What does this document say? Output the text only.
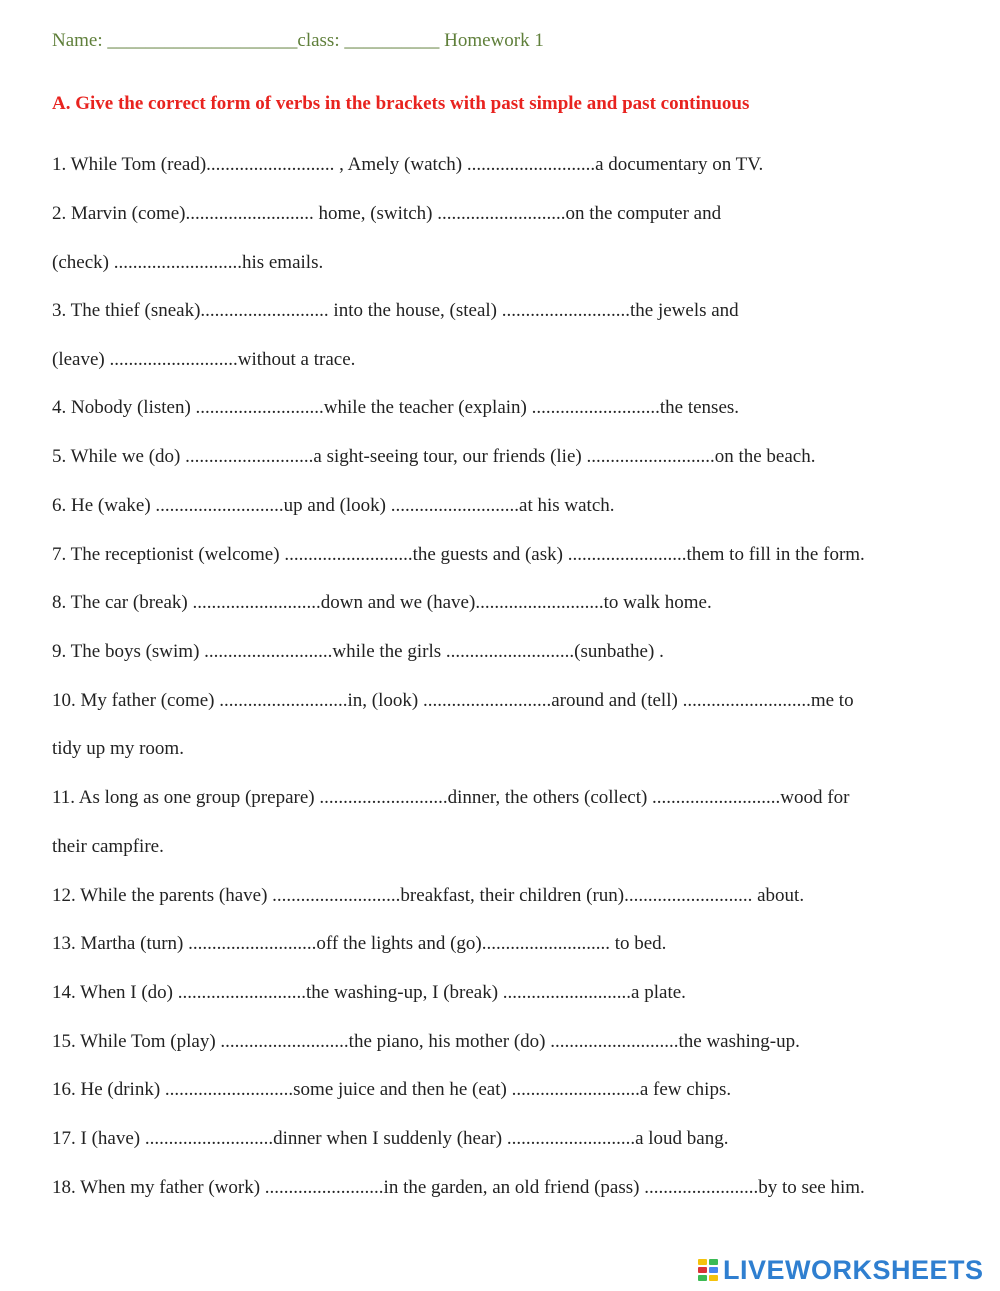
Name: ____________________class: __________ Homework 1
A. Give the correct form of verbs in the brackets with past simple and past continuous
1. While Tom (read)........................... , Amely (watch) ...........................a documentary on TV.
2. Marvin (come)........................... home, (switch) ...........................on the computer and
(check) ...........................his emails.
3. The thief (sneak)........................... into the house, (steal) ...........................the jewels and
(leave) ...........................without a trace.
4. Nobody (listen) ...........................while the teacher (explain) ...........................the tenses.
5. While we (do) ...........................a sight-seeing tour, our friends (lie) ...........................on the beach.
6. He (wake) ...........................up and (look) ...........................at his watch.
7. The receptionist (welcome) ...........................the guests and (ask) .........................them to fill in the form.
8. The car (break) ...........................down and we (have)...........................to walk home.
9. The boys (swim) ...........................while the girls ...........................(sunbathe) .
10. My father (come) ...........................in, (look) ...........................around and (tell) ...........................me to
tidy up my room.
11. As long as one group (prepare) ...........................dinner, the others (collect) ...........................wood for
their campfire.
12. While the parents (have) ...........................breakfast, their children (run)........................... about.
13. Martha (turn) ...........................off the lights and (go)........................... to bed.
14. When I (do) ...........................the washing-up, I (break) ...........................a plate.
15. While Tom (play) ...........................the piano, his mother (do) ...........................the washing-up.
16. He (drink) ...........................some juice and then he (eat) ...........................a few chips.
17. I (have) ...........................dinner when I suddenly (hear) ...........................a loud bang.
18. When my father (work) .........................in the garden, an old friend (pass) ........................by to see him.
LIVEWORKSHEETS
